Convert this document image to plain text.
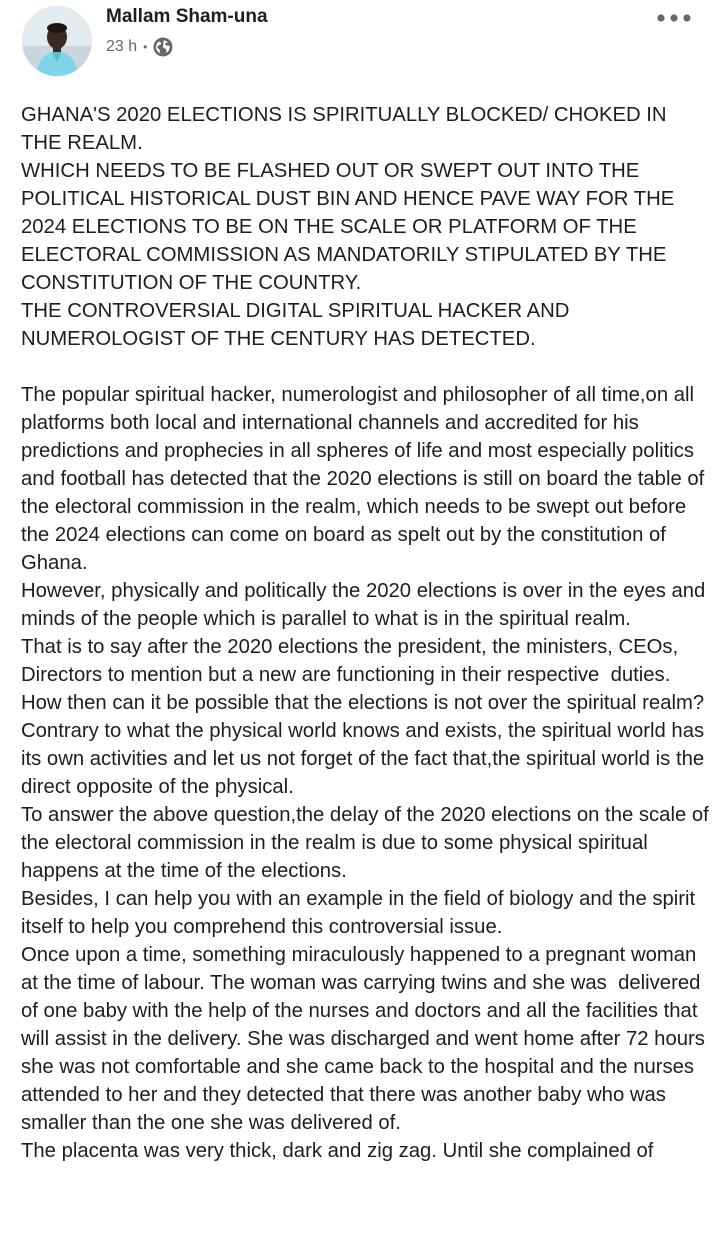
Mallam Sham-una
23 h •

GHANA'S 2020 ELECTIONS IS SPIRITUALLY BLOCKED/ CHOKED IN THE REALM.

WHICH NEEDS TO BE FLASHED OUT OR SWEPT OUT INTO THE POLITICAL HISTORICAL DUST BIN AND HENCE PAVE WAY FOR THE 2024 ELECTIONS TO BE ON THE SCALE OR PLATFORM OF THE ELECTORAL COMMISSION AS MANDATORILY STIPULATED BY THE CONSTITUTION OF THE COUNTRY.

THE CONTROVERSIAL DIGITAL SPIRITUAL HACKER AND NUMEROLOGIST OF THE CENTURY HAS DETECTED.

The popular spiritual hacker, numerologist and philosopher of all time,on all platforms both local and international channels and accredited for his predictions and prophecies in all spheres of life and most especially politics and football has detected that the 2020 elections is still on board the table of the electoral commission in the realm, which needs to be swept out before the 2024 elections can come on board as spelt out by the constitution of Ghana.

However, physically and politically the 2020 elections is over in the eyes and minds of the people which is parallel to what is in the spiritual realm.

That is to say after the 2020 elections the president, the ministers, CEOs, Directors to mention but a new are functioning in their respective  duties. How then can it be possible that the elections is not over the spiritual realm?

Contrary to what the physical world knows and exists, the spiritual world has its own activities and let us not forget of the fact that,the spiritual world is the direct opposite of the physical.

To answer the above question,the delay of the 2020 elections on the scale of the electoral commission in the realm is due to some physical spiritual happens at the time of the elections.

Besides, I can help you with an example in the field of biology and the spirit itself to help you comprehend this controversial issue.

Once upon a time, something miraculously happened to a pregnant woman at the time of labour. The woman was carrying twins and she was  delivered of one baby with the help of the nurses and doctors and all the facilities that will assist in the delivery. She was discharged and went home after 72 hours she was not comfortable and she came back to the hospital and the nurses attended to her and they detected that there was another baby who was smaller than the one she was delivered of.

The placenta was very thick, dark and zig zag. Until she complained of
